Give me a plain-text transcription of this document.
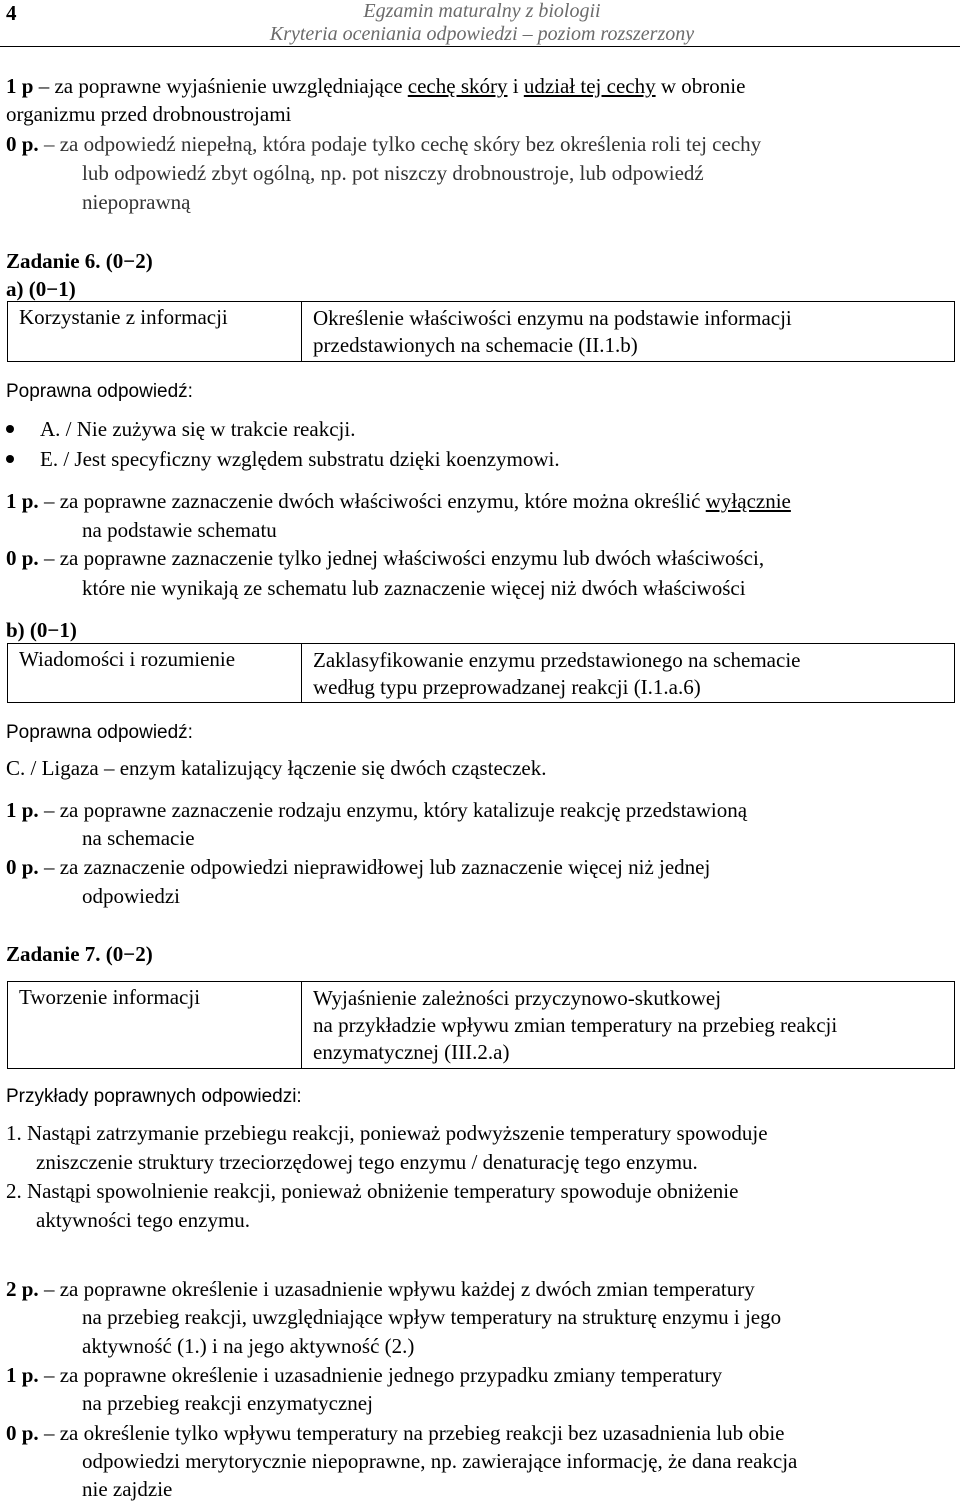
4	Egzamin maturalny z biologii
Kryteria oceniania odpowiedzi – poziom rozszerzony
1 p – za poprawne wyjaśnienie uwzględniające cechę skóry i udział tej cechy w obronie
organizmu przed drobnoustrojami
0 p. – za odpowiedź niepełną, która podaje tylko cechę skóry bez określenia roli tej cechy
lub odpowiedź zbyt ogólną, np. pot niszczy drobnoustroje, lub odpowiedź
niepoprawną
Zadanie 6. (0−2)
a) (0−1)
Korzystanie z informacji	Określenie właściwości enzymu na podstawie informacji
przedstawionych na schemacie (II.1.b)
Poprawna odpowiedź:
A. / Nie zużywa się w trakcie reakcji.
E. / Jest specyficzny względem substratu dzięki koenzymowi.
1 p. – za poprawne zaznaczenie dwóch właściwości enzymu, które można określić wyłącznie
na podstawie schematu
0 p. – za poprawne zaznaczenie tylko jednej właściwości enzymu lub dwóch właściwości,
które nie wynikają ze schematu lub zaznaczenie więcej niż dwóch właściwości
b) (0−1)
Wiadomości i rozumienie	Zaklasyfikowanie enzymu przedstawionego na schemacie
według typu przeprowadzanej reakcji (I.1.a.6)
Poprawna odpowiedź:
C. / Ligaza – enzym katalizujący łączenie się dwóch cząsteczek.
1 p. – za poprawne zaznaczenie rodzaju enzymu, który katalizuje reakcję przedstawioną
na schemacie
0 p. – za zaznaczenie odpowiedzi nieprawidłowej lub zaznaczenie więcej niż jednej
odpowiedzi
Zadanie 7. (0−2)
Tworzenie informacji	Wyjaśnienie zależności przyczynowo-skutkowej
na przykładzie wpływu zmian temperatury na przebieg reakcji
enzymatycznej (III.2.a)
Przykłady poprawnych odpowiedzi:
1. Nastąpi zatrzymanie przebiegu reakcji, ponieważ podwyższenie temperatury spowoduje
zniszczenie struktury trzeciorzędowej tego enzymu / denaturację tego enzymu.
2. Nastąpi spowolnienie reakcji, ponieważ obniżenie temperatury spowoduje obniżenie
aktywności tego enzymu.
2 p. – za poprawne określenie i uzasadnienie wpływu każdej z dwóch zmian temperatury
na przebieg reakcji, uwzględniające wpływ temperatury na strukturę enzymu i jego
aktywność (1.) i na jego aktywność (2.)
1 p. – za poprawne określenie i uzasadnienie jednego przypadku zmiany temperatury
na przebieg reakcji enzymatycznej
0 p. – za określenie tylko wpływu temperatury na przebieg reakcji bez uzasadnienia lub obie
odpowiedzi merytorycznie niepoprawne, np. zawierające informację, że dana reakcja
nie zajdzie
